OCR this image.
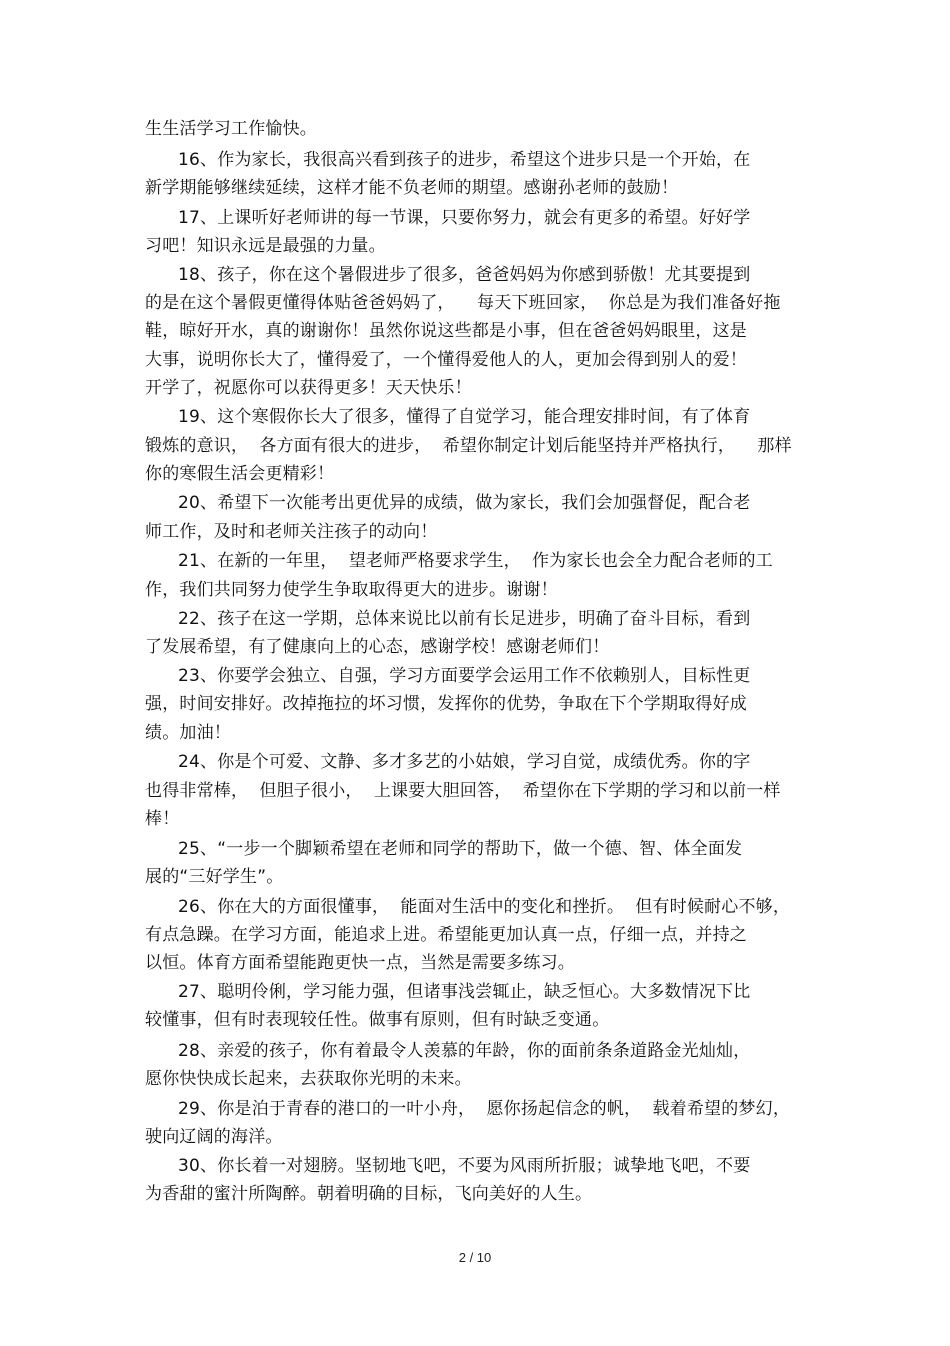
生生活学习工作愉快。
16、作为家长，我很高兴看到孩子的进步，希望这个进步只是一个开始，在
新学期能够继续延续，这样才能不负老师的期望。感谢孙老师的鼓励！
17、上课听好老师讲的每一节课，只要你努力，就会有更多的希望。好好学
习吧！知识永远是最强的力量。
18、孩子，你在这个暑假进步了很多，爸爸妈妈为你感到骄傲！尤其要提到
的是在这个暑假更懂得体贴爸爸妈妈了，    每天下班回家，  你总是为我们准备好拖
鞋，晾好开水，真的谢谢你！虽然你说这些都是小事，但在爸爸妈妈眼里，这是
大事，说明你长大了，懂得爱了，一个懂得爱他人的人，更加会得到别人的爱！
开学了，祝愿你可以获得更多！天天快乐！
19、这个寒假你长大了很多，懂得了自觉学习，能合理安排时间，有了体育
锻炼的意识，  各方面有很大的进步，  希望你制定计划后能坚持并严格执行，    那样
你的寒假生活会更精彩！
20、希望下一次能考出更优异的成绩，做为家长，我们会加强督促，配合老
师工作，及时和老师关注孩子的动向！
21、在新的一年里，  望老师严格要求学生，  作为家长也会全力配合老师的工
作，我们共同努力使学生争取取得更大的进步。谢谢！
22、孩子在这一学期，总体来说比以前有长足进步，明确了奋斗目标，看到
了发展希望，有了健康向上的心态，感谢学校！感谢老师们！
23、你要学会独立、自强，学习方面要学会运用工作不依赖别人，目标性更
强，时间安排好。改掉拖拉的坏习惯，发挥你的优势，争取在下个学期取得好成
绩。加油！
24、你是个可爱、文静、多才多艺的小姑娘，学习自觉，成绩优秀。你的字
也得非常棒，  但胆子很小，  上课要大胆回答，  希望你在下学期的学习和以前一样
棒！
25、“一步一个脚颖希望在老师和同学的帮助下，做一个德、智、体全面发
展的“三好学生”。
26、你在大的方面很懂事，  能面对生活中的变化和挫折。  但有时候耐心不够，
有点急躁。在学习方面，能追求上进。希望能更加认真一点，仔细一点，并持之
以恒。体育方面希望能跑更快一点，当然是需要多练习。
27、聪明伶俐，学习能力强，但诸事浅尝辄止，缺乏恒心。大多数情况下比
较懂事，但有时表现较任性。做事有原则，但有时缺乏变通。
28、亲爱的孩子，你有着最令人羡慕的年龄，你的面前条条道路金光灿灿，
愿你快快成长起来，去获取你光明的未来。
29、你是泊于青春的港口的一叶小舟，  愿你扬起信念的帆，  载着希望的梦幻，
驶向辽阔的海洋。
30、你长着一对翅膀。坚韧地飞吧，不要为风雨所折服；诚挚地飞吧，不要
为香甜的蜜汁所陶醉。朝着明确的目标，飞向美好的人生。
2 / 10
